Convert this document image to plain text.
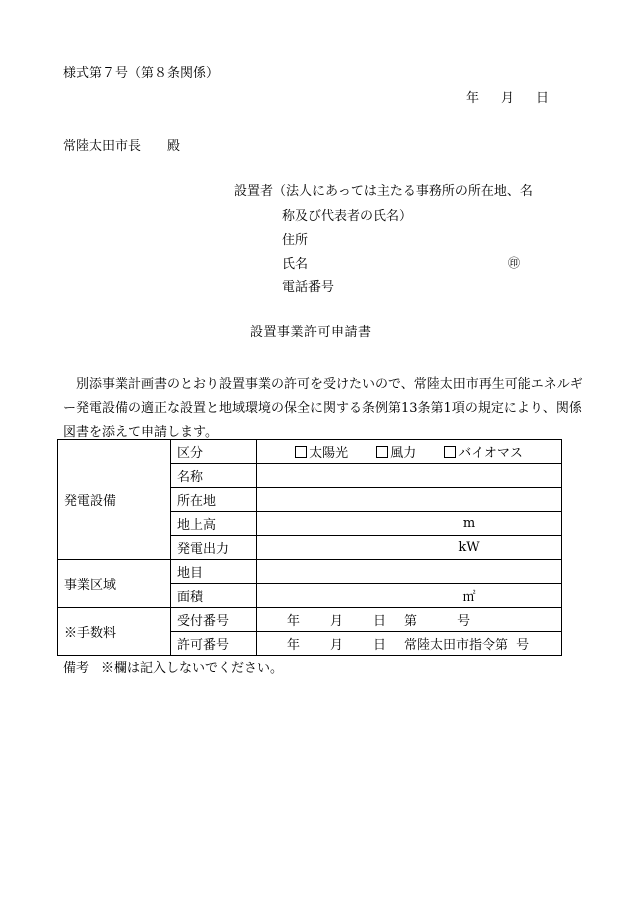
様式第７号（第８条関係）
年 月 日
常陸太田市長 殿
設置者（法人にあっては主たる事務所の所在地、名
称及び代表者の氏名）
住所
氏名	㊞
電話番号
設置事業許可申請書
別添事業計画書のとおり設置事業の許可を受けたいので、常陸太田市再生可能エネルギー発電設備の適正な設置と地域環境の保全に関する条例第13条第1項の規定により、関係図書を添えて申請します。
発電設備	区分	太陽光 風力 バイオマス
	名称	
	所在地	
	地上高	m
	発電出力	kW
事業区域	地目	
	面積	㎡
※手数料	受付番号	年 月 日 第 号
	許可番号	年 月 日 常陸太田市指令第 号
備考 ※欄は記入しないでください。
